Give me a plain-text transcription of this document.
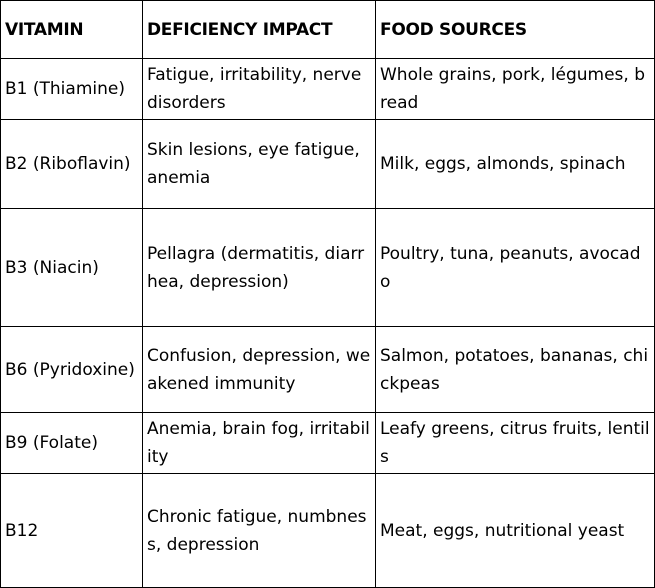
VITAMIN	DEFICIENCY IMPACT	FOOD SOURCES
B1 (Thiamine)	Fatigue, irritability, nerve disorders	Whole grains, pork, légumes, bread
B2 (Riboflavin)	Skin lesions, eye fatigue, anemia	Milk, eggs, almonds, spinach
B3 (Niacin)	Pellagra (dermatitis, diarrhea, depression)	Poultry, tuna, peanuts, avocado
B6 (Pyridoxine)	Confusion, depression, weakened immunity	Salmon, potatoes, bananas, chickpeas
B9 (Folate)	Anemia, brain fog, irritability	Leafy greens, citrus fruits, lentils
B12	Chronic fatigue, numbness, depression	Meat, eggs, nutritional yeast
